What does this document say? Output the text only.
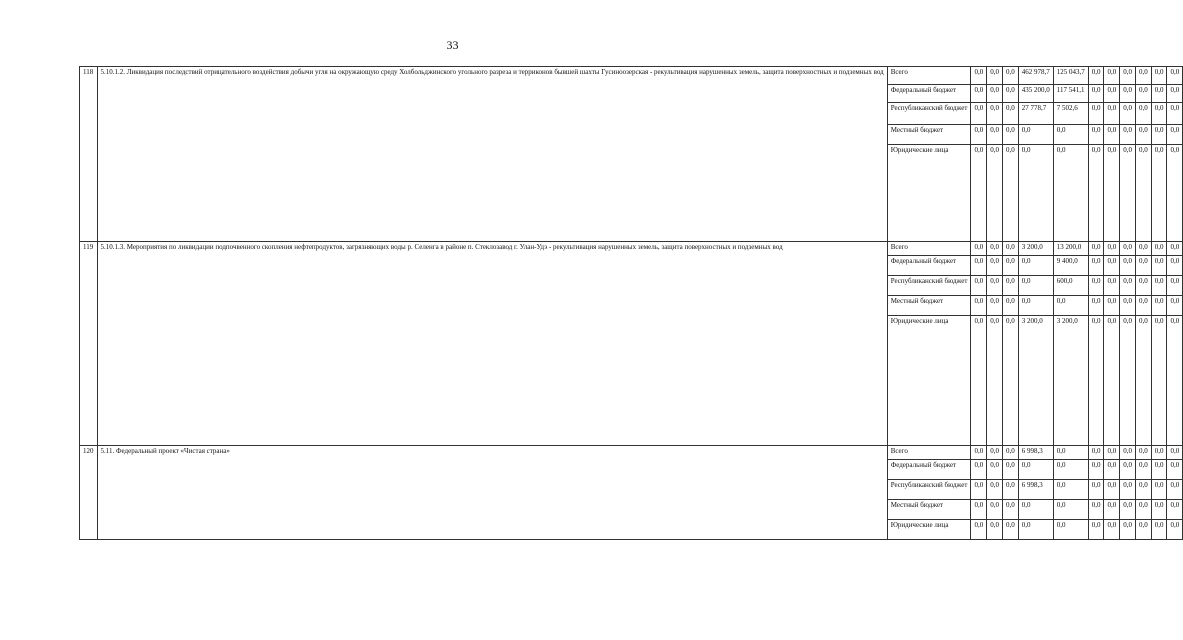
33
118	5.10.1.2. Ликвидация последствий отрицательного воздействия добычи угля на окружающую среду Холбольджинского угольного разреза и терриконов бывшей шахты Гусиноозерская - рекультивация нарушенных земель, защита поверхностных и подземных вод	Всего	0,0	0,0	0,0	462 978,7	125 043,7	0,0	0,0	0,0	0,0	0,0	0,0
		Федеральный бюджет	0,0	0,0	0,0	435 200,0	117 541,1	0,0	0,0	0,0	0,0	0,0	0,0
		Республиканский бюджет	0,0	0,0	0,0	27 778,7	7 502,6	0,0	0,0	0,0	0,0	0,0	0,0
		Местный бюджет	0,0	0,0	0,0	0,0	0,0	0,0	0,0	0,0	0,0	0,0	0,0
		Юридические лица	0,0	0,0	0,0	0,0	0,0	0,0	0,0	0,0	0,0	0,0	0,0
119	5.10.1.3. Мероприятия по ликвидации подпочвенного скопления нефтепродуктов, загрязняющих воды р. Селенга в районе п. Стеклозавод г. Улан-Удэ - рекультивация нарушенных земель, защита поверхностных и подземных вод	Всего	0,0	0,0	0,0	3 200,0	13 200,0	0,0	0,0	0,0	0,0	0,0	0,0
		Федеральный бюджет	0,0	0,0	0,0	0,0	9 400,0	0,0	0,0	0,0	0,0	0,0	0,0
		Республиканский бюджет	0,0	0,0	0,0	0,0	600,0	0,0	0,0	0,0	0,0	0,0	0,0
		Местный бюджет	0,0	0,0	0,0	0,0	0,0	0,0	0,0	0,0	0,0	0,0	0,0
		Юридические лица	0,0	0,0	0,0	3 200,0	3 200,0	0,0	0,0	0,0	0,0	0,0	0,0
120	5.11. Федеральный проект «Чистая страна»	Всего	0,0	0,0	0,0	6 998,3	0,0	0,0	0,0	0,0	0,0	0,0	0,0
		Федеральный бюджет	0,0	0,0	0,0	0,0	0,0	0,0	0,0	0,0	0,0	0,0	0,0
		Республиканский бюджет	0,0	0,0	0,0	6 998,3	0,0	0,0	0,0	0,0	0,0	0,0	0,0
		Местный бюджет	0,0	0,0	0,0	0,0	0,0	0,0	0,0	0,0	0,0	0,0	0,0
		Юридические лица	0,0	0,0	0,0	0,0	0,0	0,0	0,0	0,0	0,0	0,0	0,0
